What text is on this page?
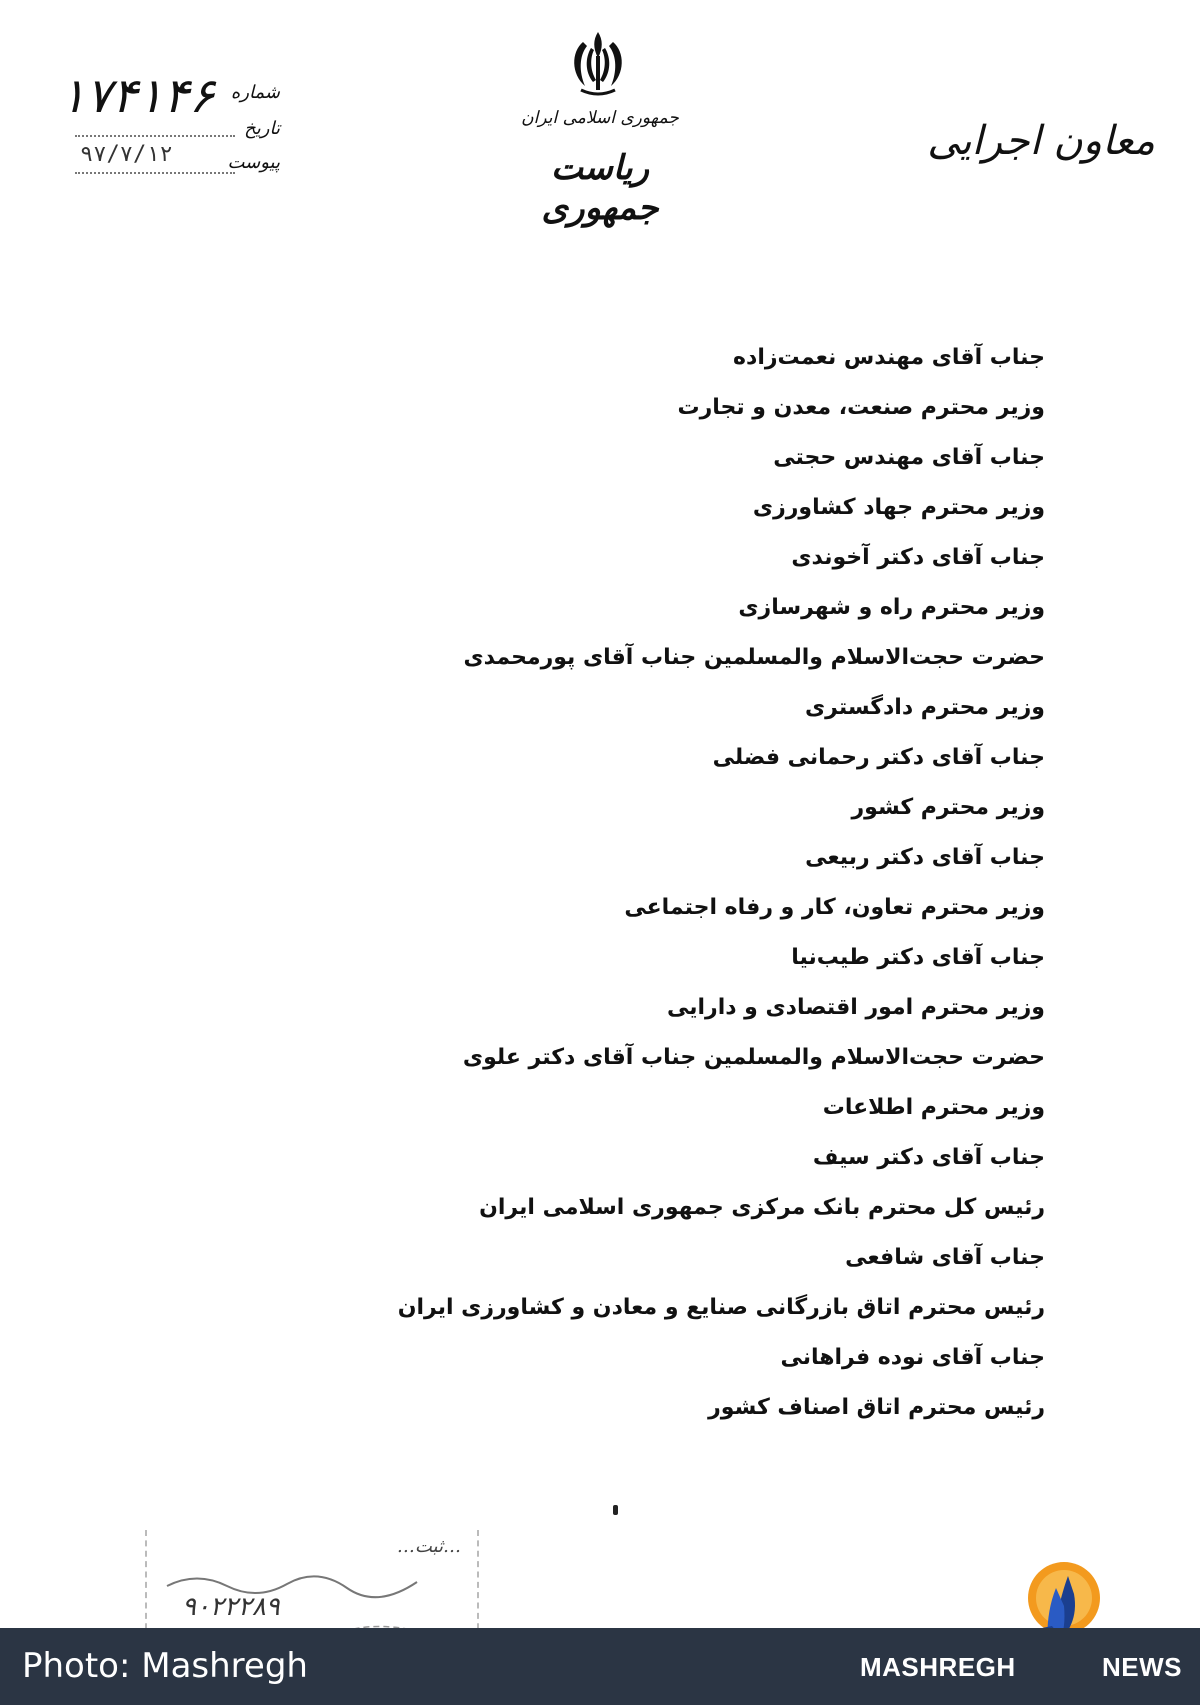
۱۷۴۱۴۶ شماره
تاریخ
۹۷/۷/۱۲	پیوست
جمهوری اسلامی ایران
ریاست جمهوری
معاون اجرایی
جناب آقای مهندس نعمت‌زاده
وزیر محترم صنعت، معدن و تجارت
جناب آقای مهندس حجتی
وزیر محترم جهاد کشاورزی
جناب آقای دکتر آخوندی
وزیر محترم راه و شهرسازی
حضرت حجت‌الاسلام والمسلمین جناب آقای پورمحمدی
وزیر محترم دادگستری
جناب آقای دکتر رحمانی فضلی
وزیر محترم کشور
جناب آقای دکتر ربیعی
وزیر محترم تعاون، کار و رفاه اجتماعی
جناب آقای دکتر طیب‌نیا
وزیر محترم امور اقتصادی و دارایی
حضرت حجت‌الاسلام والمسلمین جناب آقای دکتر علوی
وزیر محترم اطلاعات
جناب آقای دکتر سیف
رئیس کل محترم بانک مرکزی جمهوری اسلامی ایران
جناب آقای شافعی
رئیس محترم اتاق بازرگانی صنایع و معادن و کشاورزی ایران
جناب آقای نوده فراهانی
رئیس محترم اتاق اصناف کشور
…ثبت…
۹۰۲۲۲۸۹
Photo: Mashregh	MASHREGH	NEWS
